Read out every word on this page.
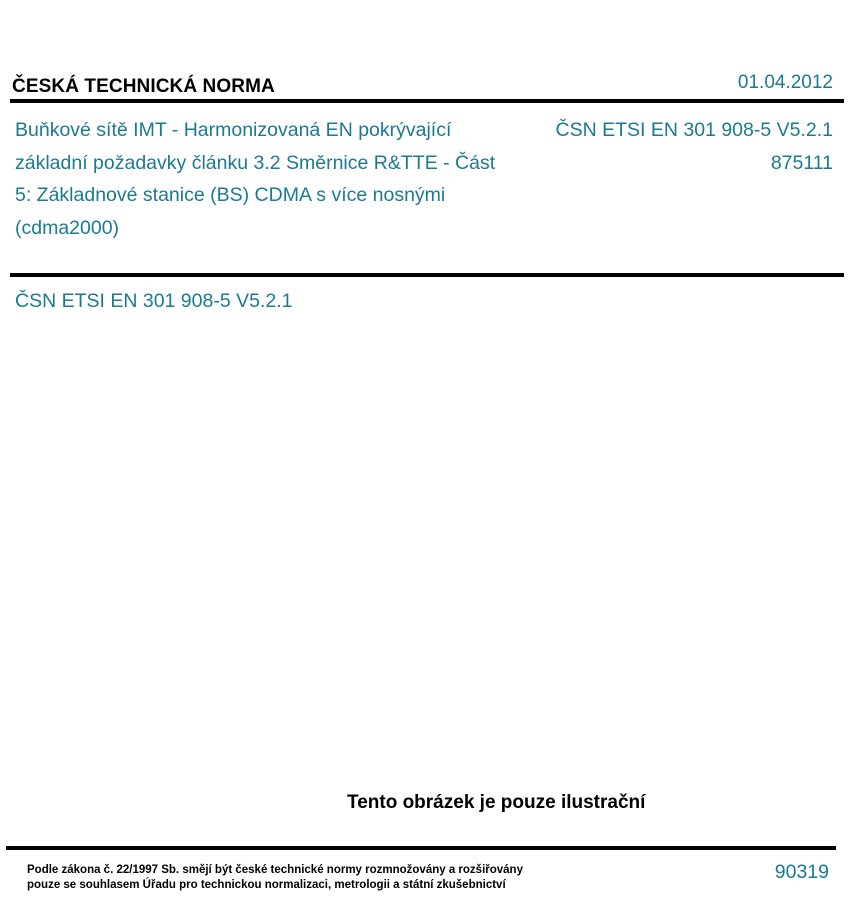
ČESKÁ TECHNICKÁ NORMA	01.04.2012
Buňkové sítě IMT - Harmonizovaná EN pokrývající základní požadavky článku 3.2 Směrnice R&TTE - Část 5: Základnové stanice (BS) CDMA s více nosnými (cdma2000)
ČSN ETSI EN 301 908-5 V5.2.1
875111
ČSN ETSI EN 301 908-5 V5.2.1
Tento obrázek je pouze ilustrační
Podle zákona č. 22/1997 Sb. smějí být české technické normy rozmnožovány a rozšiřovány
pouze se souhlasem Úřadu pro technickou normalizaci, metrologii a státní zkušebnictví
90319
